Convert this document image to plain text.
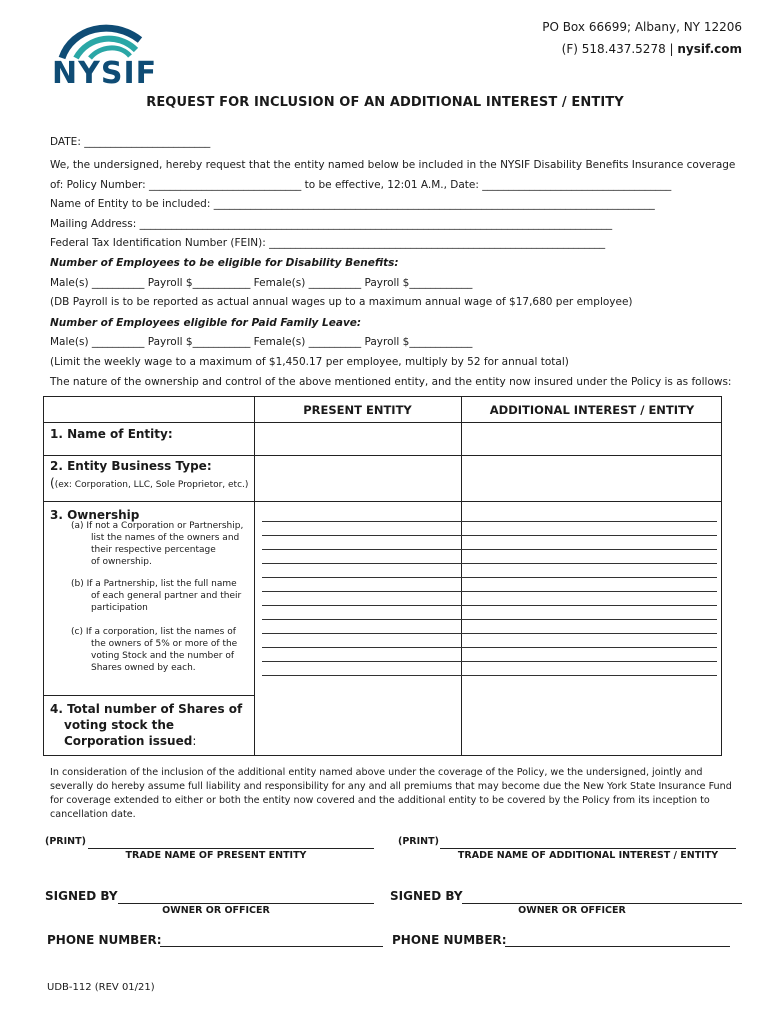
NYSIF
PO Box 66699; Albany, NY 12206
(F) 518.437.5278 | nysif.com
REQUEST FOR INCLUSION OF AN ADDITIONAL INTEREST / ENTITY
DATE: ________________________
We, the undersigned, hereby request that the entity named below be included in the NYSIF Disability Benefits Insurance coverage
of: Policy Number: _____________________________ to be effective, 12:01 A.M., Date: ____________________________________
Name of Entity to be included: ____________________________________________________________________________________
Mailing Address: __________________________________________________________________________________________
Federal Tax Identification Number (FEIN): ________________________________________________________________
Number of Employees to be eligible for Disability Benefits:
Male(s) __________ Payroll $___________ Female(s) __________ Payroll $____________
(DB Payroll is to be reported as actual annual wages up to a maximum annual wage of $17,680 per employee)
Number of Employees eligible for Paid Family Leave:
Male(s) __________ Payroll $___________ Female(s) __________ Payroll $____________
(Limit the weekly wage to a maximum of $1,450.17 per employee, multiply by 52 for annual total)
The nature of the ownership and control of the above mentioned entity, and the entity now insured under the Policy is as follows:
PRESENT ENTITY	ADDITIONAL INTEREST / ENTITY
1. Name of Entity:
2. Entity Business Type:
((ex: Corporation, LLC, Sole Proprietor, etc.)
3. Ownership
(a) If not a Corporation or Partnership,
list the names of the owners and
their respective percentage
of ownership.
(b) If a Partnership, list the full name
of each general partner and their
participation
(c) If a corporation, list the names of
the owners of 5% or more of the
voting Stock and the number of
Shares owned by each.
4. Total number of Shares of
voting stock the
Corporation issued:
In consideration of the inclusion of the additional entity named above under the coverage of the Policy, we the undersigned, jointly and severally do hereby assume full liability and responsibility for any and all premiums that may become due the New York State Insurance Fund for coverage extended to either or both the entity now covered and the additional entity to be covered by the Policy from its inception to cancellation date.
(PRINT)
TRADE NAME OF PRESENT ENTITY
(PRINT)
TRADE NAME OF ADDITIONAL INTEREST / ENTITY
SIGNED BY
OWNER OR OFFICER
SIGNED BY
OWNER OR OFFICER
PHONE NUMBER:	PHONE NUMBER:
UDB-112 (REV 01/21)
